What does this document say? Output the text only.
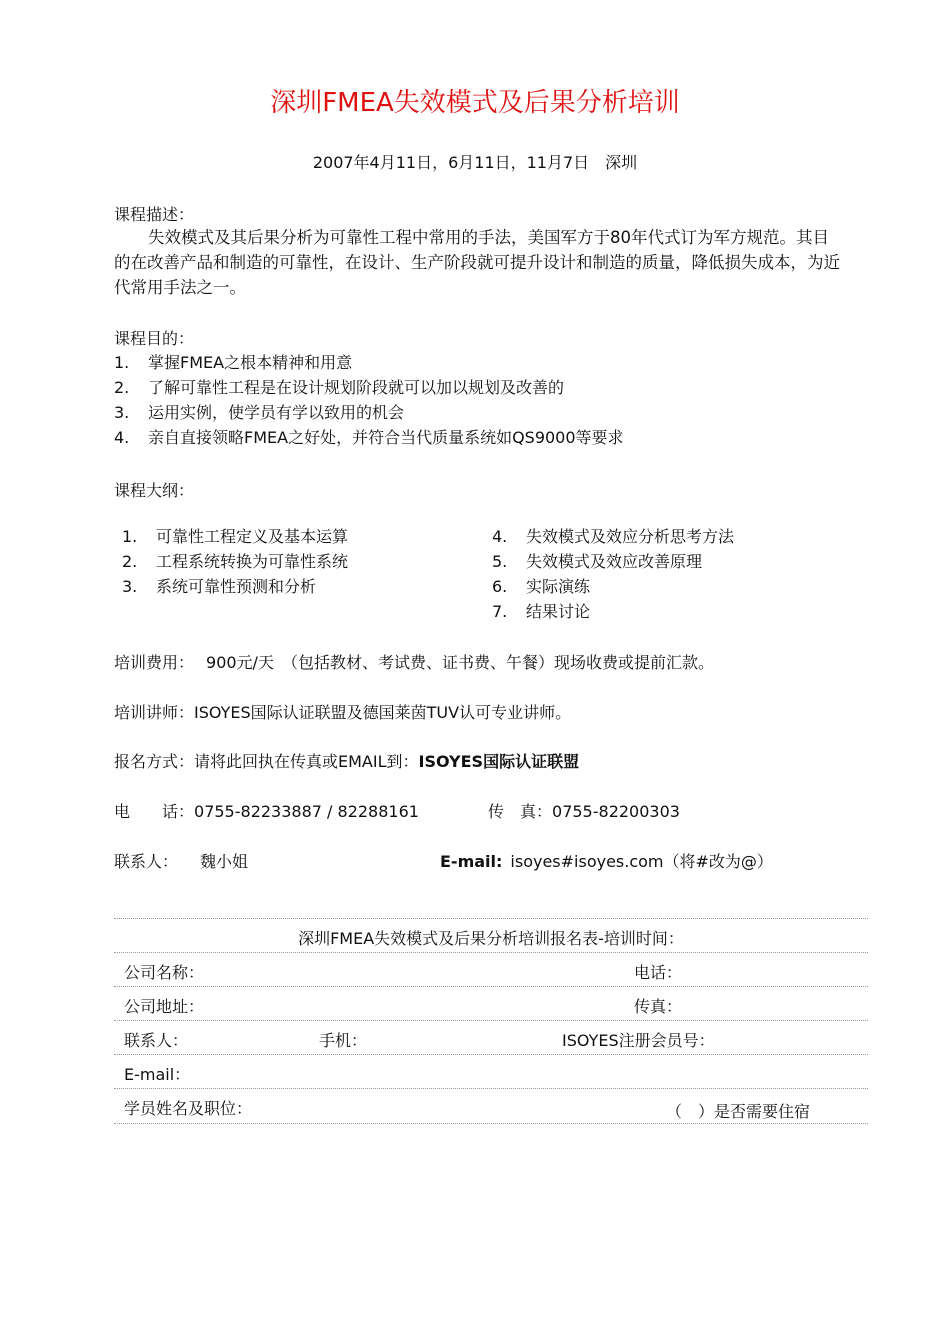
深圳FMEA失效模式及后果分析培训
2007年4月11日，6月11日，11月7日　深圳
课程描述：
失效模式及其后果分析为可靠性工程中常用的手法，美国军方于80年代式订为军方规范。其目的在改善产品和制造的可靠性，在设计、生产阶段就可提升设计和制造的质量，降低损失成本，为近代常用手法之一。
课程目的：
1. 掌握FMEA之根本精神和用意
2. 了解可靠性工程是在设计规划阶段就可以加以规划及改善的
3. 运用实例，使学员有学以致用的机会
4. 亲自直接领略FMEA之好处，并符合当代质量系统如QS9000等要求
课程大纲：
1. 可靠性工程定义及基本运算
2. 工程系统转换为可靠性系统
3. 系统可靠性预测和分析
4. 失效模式及效应分析思考方法
5. 失效模式及效应改善原理
6. 实际演练
7. 结果讨论
培训费用： 900元/天　（包括教材、考试费、证书费、午餐）现场收费或提前汇款。
培训讲师：ISOYES国际认证联盟及德国莱茵TUV认可专业讲师。
报名方式：请将此回执在传真或EMAIL到：ISOYES国际认证联盟
电　　话：0755-82233887 / 82288161	传　真：0755-82200303
联系人： 魏小姐	E-mail: isoyes#isoyes.com（将#改为@）
深圳FMEA失效模式及后果分析培训报名表-培训时间：
公司名称：	电话：
公司地址：	传真：
联系人：	手机：	ISOYES注册会员号：
E-mail：
学员姓名及职位：	（　）是否需要住宿
